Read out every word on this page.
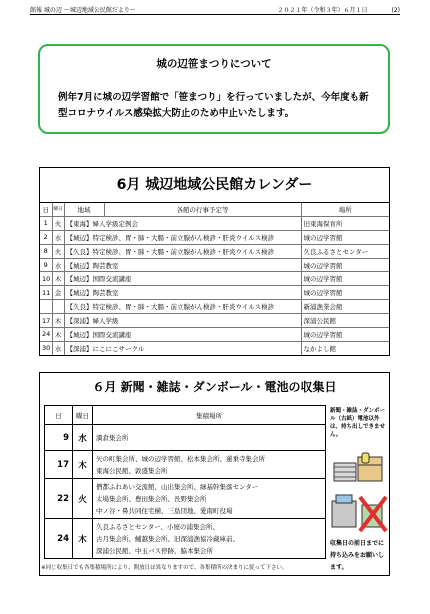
館報 城の辺 〜城辺地域公民館だより〜	２０２１年（令和３年）６月１日　　　　(2)
城の辺笹まつりについて
例年7月に城の辺学習館で「笹まつり」を行っていましたが、今年度も新型コロナウイルス感染拡大防止のため中止いたします。
6月 城辺地域公民館カレンダー
日	曜日	地域	各館の行事予定等	場所
1	火	【東海】婦人学級定例会		旧東海保育所
2	水	【城辺】特定検診、胃・肺・大腸・前立腺がん検診・肝炎ウイルス検診		城の辺学習館
8	火	【久良】特定検診、胃・肺・大腸・前立腺がん検診・肝炎ウイルス検診		久良ふるさとセンター
9	水	【城辺】陶芸教室		城の辺学習館
10	木	【城辺】国際交流講座		城の辺学習館
11	金	【城辺】陶芸教室		城の辺学習館
		【久良】特定検診、胃・肺・大腸・前立腺がん検診・肝炎ウイルス検診		新浦漁業会館
17	木	【深浦】婦人学級		深浦公民館
24	木	【城辺】国際交流講座		城の辺学習館
30	水	【深浦】にこにこサークル		なかよし館
６月 新聞・雑誌・ダンボール・電池の収集日
日	曜日	集積場所
9	水	満倉集会所

17	木	矢の町集会所、城の辺学習館、松本集会所、蓮乗寺集会所
東海公民館、敦盛集会所

22	火	僧都ふれあい交流館、山出集会所、緑基幹集落センター
太場集会所、豊田集会所、長野集会所
中ノ谷・鼻共同住宅横、三島団地、愛南町役場

24	木	久良ふるさとセンター、小屋の浦集会所、
古月集会所、鯆越集会所、旧深浦漁協冷蔵庫前、
深浦公民館、中玉バス停跡、脇本集会所
新聞・雑誌・ダンボール（古紙）電池以外は、持ち出しできません。
収集日の前日までに持ち込みをお願いします。
※同じ収集日でも各集積場所により、開放日は異なりますので、各集積所の決まりに従って下さい。
